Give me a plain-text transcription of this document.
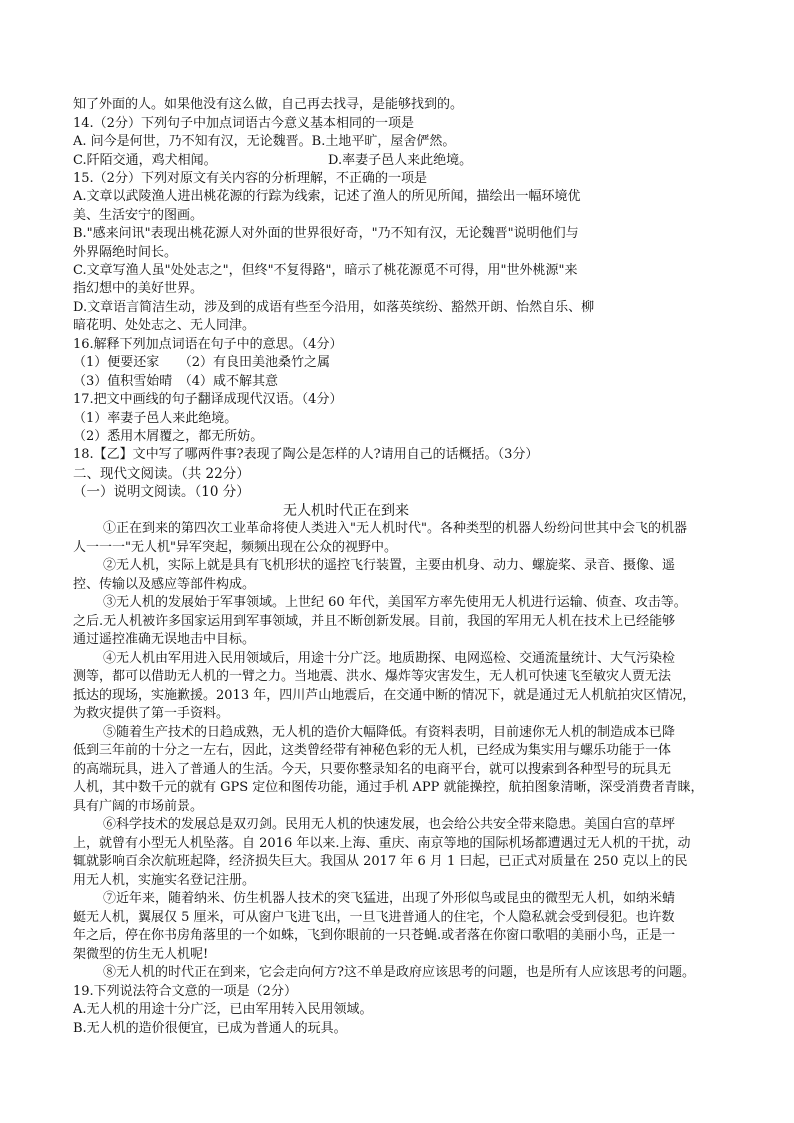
知了外面的人。如果他没有这么做，自己再去找寻，是能够找到的。
14.（2分）下列句子中加点词语古今意义基本相同的一项是
A. 问今是何世，乃不知有汉，无论魏晋。B.土地平旷，屋舍俨然。
C.阡陌交通，鸡犬相闻。	D.率妻子邑人来此绝境。
15.（2分）下列对原文有关内容的分析理解，不正确的一项是
A.文章以武陵渔人进出桃花源的行踪为线索，记述了渔人的所见所闻，描绘出一幅环境优
美、生活安宁的图画。
B."感来问讯"表现出桃花源人对外面的世界很好奇，"乃不知有汉，无论魏晋"说明他们与
外界隔绝时间长。
C.文章写渔人虽"处处志之"，但终"不复得路"，暗示了桃花源觅不可得，用"世外桃源"来
指幻想中的美好世界。
D.文章语言简洁生动，涉及到的成语有些至今沿用，如落英缤纷、豁然开朗、怡然自乐、柳
暗花明、处处志之、无人同津。
16.解释下列加点词语在句子中的意思。（4分）
（1）便要还家　　（2）有良田美池桑竹之属
（3）值积雪始晴　（4）咸不解其意
17.把文中画线的句子翻译成现代汉语。（4分）
（1）率妻子邑人来此绝境。
（2）悉用木屑覆之，都无所妨。
18.【乙】文中写了哪两件事?表现了陶公是怎样的人?请用自己的话概括。（3分）
二、现代文阅读。（共 22分）
（一）说明文阅读。（10 分）
无人机时代正在到来
①正在到来的第四次工业革命将使人类进入"无人机时代"。各种类型的机器人纷纷问世其中会飞的机器
人一一一"无人机"异军突起，频频出现在公众的视野中。
②无人机，实际上就是具有飞机形状的遥控飞行装置，主要由机身、动力、螺旋桨、录音、摄像、遥
控、传输以及感应等部件构成。
③无人机的发展始于军事领域。上世纪 60 年代，美国军方率先使用无人机进行运输、侦查、攻击等。
之后.无人机被许多国家运用到军事领域，并且不断创新发展。目前，我国的军用无人机在技术上已经能够
通过遥控准确无误地击中目标。
④无人机由军用进入民用领域后，用途十分广泛。地质勘探、电网巡检、交通流量统计、大气污染检
测等，都可以借助无人机的一臂之力。当地震、洪水、爆炸等灾害发生，无人机可快速飞至敏灾人贾无法
抵达的现场，实施歉援。2013 年，四川芦山地震后，在交通中断的情况下，就是通过无人机航拍灾区情况，
为救灾提供了第一手资料。
⑤随着生产技术的日趋成熟，无人机的造价大幅降低。有资料表明，目前速你无人机的制造成本已降
低到三年前的十分之一左右，因此，这类曾经带有神秘色彩的无人机，已经成为集实用与螺乐功能于一体
的高端玩具，进入了普通人的生活。今天，只要你整录知名的电商平台，就可以搜索到各种型号的玩具无
人机，其中数千元的就有 GPS 定位和图传功能，通过手机 APP 就能操控，航拍图象清晰，深受消费者青睐，
具有广阔的市场前景。
⑥科学技术的发展总是双刃剑。民用无人机的快速发展，也会给公共安全带来隐患。美国白宫的草坪
上，就曾有小型无人机坠落。自 2016 年以来.上海、重庆、南京等地的国际机场都遭遇过无人机的干扰，动
辄就影响百余次航班起降，经济损失巨大。我国从 2017 年 6 月 1 曰起，已正式对质量在 250 克以上的民
用无人机，实施实名登记注册。
⑦近年来，随着纳米、仿生机器人技术的突飞猛进，出现了外形似鸟或昆虫的微型无人机，如纳米蜻
蜓无人机，翼展仅 5 厘米，可从窗户飞进飞出，一旦飞进普通人的住宅，个人隐私就会受到侵犯。也许数
年之后，停在你书房角落里的一个如蛛，飞到你眼前的一只苍蝇.或者落在你窗口歌唱的美丽小鸟，正是一
架微型的仿生无人机呢!
⑧无人机的时代正在到来，它会走向何方?这不单是政府应该思考的问题，也是所有人应该思考的问题。
19.下列说法符合文意的一项是（2分）
A.无人机的用途十分广泛，已由军用转入民用领域。
B.无人机的造价很便宜，已成为普通人的玩具。
